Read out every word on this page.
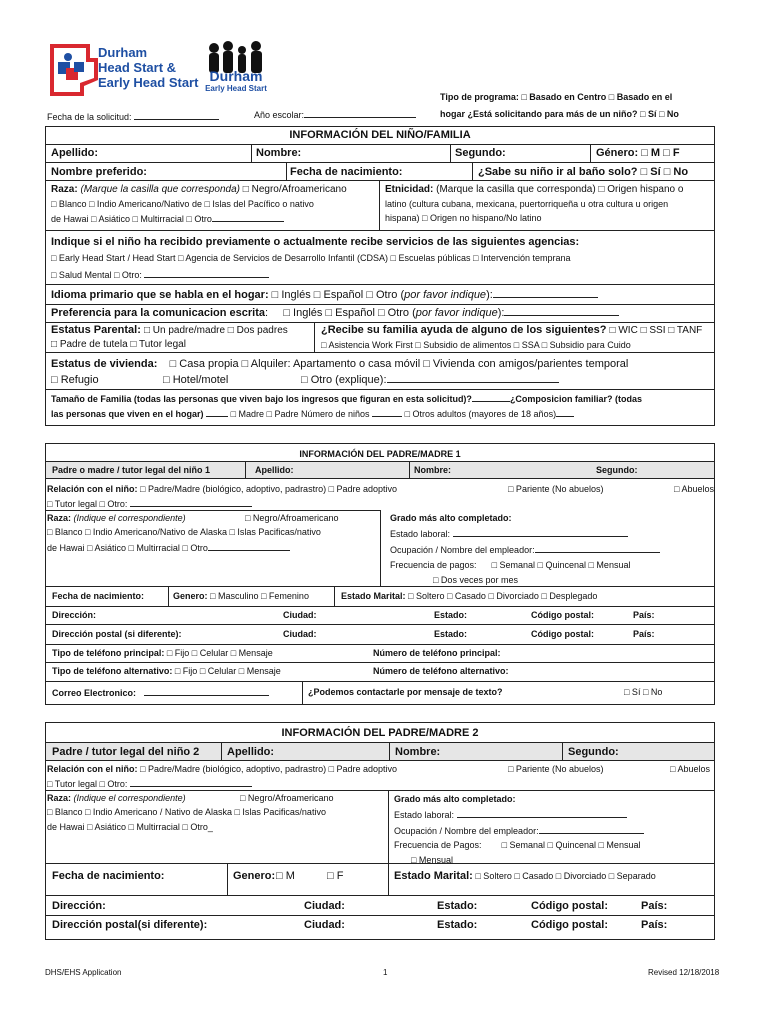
Durham
Head Start &
Early Head Start Durham
Early Head Start
Tipo de programa: □ Basado en Centro □ Basado en el
Fecha de la solicitud:	Año escolar:	hogar ¿Está solicitando para más de un niño? □ Sí □ No
INFORMACIÓN DEL NIÑO/FAMILIA
Apellido:	Nombre:	Segundo:	Género: □ M □ F
Nombre preferido:	Fecha de nacimiento:	¿Sabe su niño ir al baño solo? □ Sí □ No
Raza: (Marque la casilla que corresponda) □ Negro/Afroamericano
□ Blanco □ Indio Americano/Nativo de □ Islas del Pacífico o nativo
de Hawai □ Asiático □ Multirracial □ Otro
Etnicidad: (Marque la casilla que corresponda) □ Origen hispano o
latino (cultura cubana, mexicana, puertorriqueña u otra cultura u origen
hispana) □ Origen no hispano/No latino
Indique si el niño ha recibido previamente o actualmente recibe servicios de las siguientes agencias:
□ Early Head Start / Head Start □ Agencia de Servicios de Desarrollo Infantil (CDSA) □ Escuelas públicas □ Intervención temprana
□ Salud Mental □ Otro:
Idioma primario que se habla en el hogar: □ Inglés □ Español □ Otro (por favor indique):
Preferencia para la comunicacion escrita:     □ Inglés □ Español □ Otro (por favor indique):
Estatus Parental: □ Un padre/madre □ Dos padres
□ Padre de tutela □ Tutor legal
¿Recibe su familia ayuda de alguno de los siguientes? □ WIC □ SSI □ TANF
□ Asistencia Work First □ Subsidio de alimentos □ SSA □ Subsidio para Cuido
Estatus de vivienda: □ Casa propia □ Alquiler: Apartamento o casa móvil □ Vivienda con amigos/parientes temporal
□ Refugio	□ Hotel/motel	□ Otro (explique):
Tamaño de Familia (todas las personas que viven bajo los ingresos que figuran en esta solicitud)?	¿Composicion familiar? (todas
las personas que viven en el hogar)	□ Madre □ Padre Número de niños	□ Otros adultos (mayores de 18 años)
INFORMACIÓN DEL PADRE/MADRE 1
Padre o madre / tutor legal del niño 1	Apellido:	Nombre:	Segundo:
Relación con el niño: □ Padre/Madre (biológico, adoptivo, padrastro) □ Padre adoptivo	□ Pariente (No abuelos)	□ Abuelos
□ Tutor legal □ Otro:
Raza: (Indique el correspondiente)	□ Negro/Afroamericano
□ Blanco □ Indio Americano/Nativo de Alaska □ Islas Pacificas/nativo
de Hawai □ Asiático □ Multirracial □ Otro
Grado más alto completado:
Estado laboral:
Ocupación / Nombre del empleador:
Frecuencia de pagos: □ Semanal □ Quincenal □ Mensual
□ Dos veces por mes
Fecha de nacimiento:	Genero: □ Masculino □ Femenino	Estado Marital: □ Soltero □ Casado □ Divorciado □ Desplegado
Dirección:	Ciudad:	Estado:	Código postal:	País:
Dirección postal (si diferente):	Ciudad:	Estado:	Código postal:	País:
Tipo de teléfono principal: □ Fijo □ Celular □ Mensaje	Número de teléfono principal:
Tipo de teléfono alternativo: □ Fijo □ Celular □ Mensaje	Número de teléfono alternativo:
Correo Electronico:	¿Podemos contactarle por mensaje de texto?	□ Sí □ No
INFORMACIÓN DEL PADRE/MADRE 2
Padre / tutor legal del niño 2	Apellido:	Nombre:	Segundo:
Relación con el niño: □ Padre/Madre (biológico, adoptivo, padrastro) □ Padre adoptivo	□ Pariente (No abuelos)	□ Abuelos
□ Tutor legal □ Otro:
Raza: (Indique el correspondiente)	□ Negro/Afroamericano
□ Blanco □ Indio Americano / Nativo de Alaska □ Islas Pacificas/nativo
de Hawai □ Asiático □ Multirracial □ Otro_
Grado más alto completado:
Estado laboral:
Ocupación / Nombre del empleador:
Frecuencia de Pagos: □ Semanal □ Quincenal □ Mensual
□ Mensual
Fecha de nacimiento:	Genero: □ M	□ F	Estado Marital: □ Soltero □ Casado □ Divorciado □ Separado
Dirección:	Ciudad:	Estado:	Código postal:	País:
Dirección postal(si diferente):	Ciudad:	Estado:	Código postal:	País:
DHS/EHS Application	1	Revised 12/18/2018
